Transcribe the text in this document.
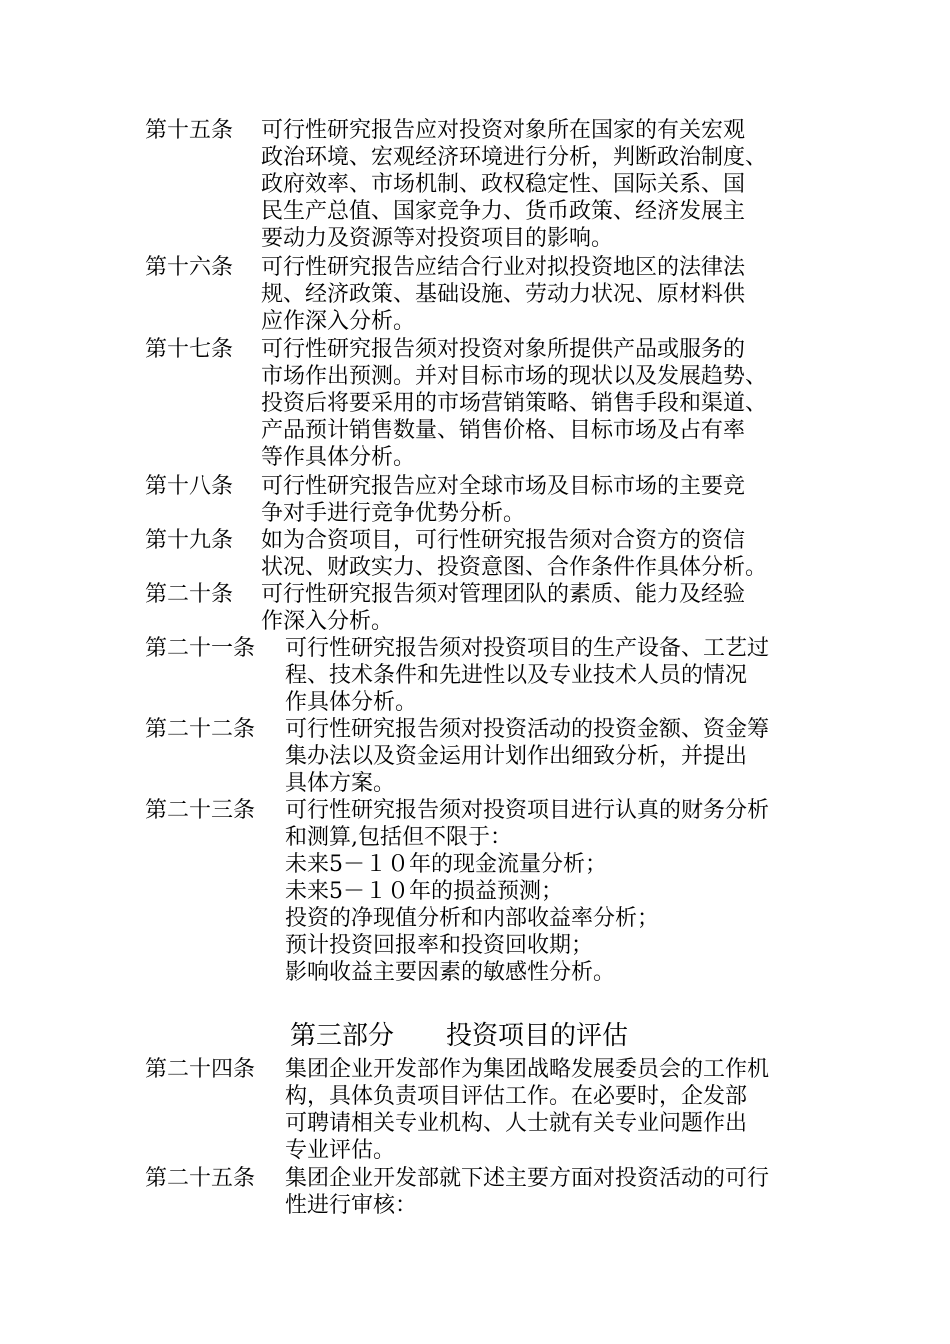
第十五条 可行性研究报告应对投资对象所在国家的有关宏观
政治环境、宏观经济环境进行分析，判断政治制度、
政府效率、市场机制、政权稳定性、国际关系、国
民生产总值、国家竞争力、货币政策、经济发展主
要动力及资源等对投资项目的影响。
第十六条 可行性研究报告应结合行业对拟投资地区的法律法
规、经济政策、基础设施、劳动力状况、原材料供
应作深入分析。
第十七条 可行性研究报告须对投资对象所提供产品或服务的
市场作出预测。并对目标市场的现状以及发展趋势、
投资后将要采用的市场营销策略、销售手段和渠道、
产品预计销售数量、销售价格、目标市场及占有率
等作具体分析。
第十八条 可行性研究报告应对全球市场及目标市场的主要竞
争对手进行竞争优势分析。
第十九条 如为合资项目，可行性研究报告须对合资方的资信
状况、财政实力、投资意图、合作条件作具体分析。
第二十条 可行性研究报告须对管理团队的素质、能力及经验
作深入分析。
第二十一条 可行性研究报告须对投资项目的生产设备、工艺过
程、技术条件和先进性以及专业技术人员的情况
作具体分析。
第二十二条 可行性研究报告须对投资活动的投资金额、资金筹
集办法以及资金运用计划作出细致分析，并提出
具体方案。
第二十三条 可行性研究报告须对投资项目进行认真的财务分析
和测算,包括但不限于：
未来5－１０年的现金流量分析；
未来5－１０年的损益预测；
投资的净现值分析和内部收益率分析；
预计投资回报率和投资回收期；
影响收益主要因素的敏感性分析。
第三部分 投资项目的评估
第二十四条 集团企业开发部作为集团战略发展委员会的工作机
构，具体负责项目评估工作。在必要时，企发部
可聘请相关专业机构、人士就有关专业问题作出
专业评估。
第二十五条 集团企业开发部就下述主要方面对投资活动的可行
性进行审核：
